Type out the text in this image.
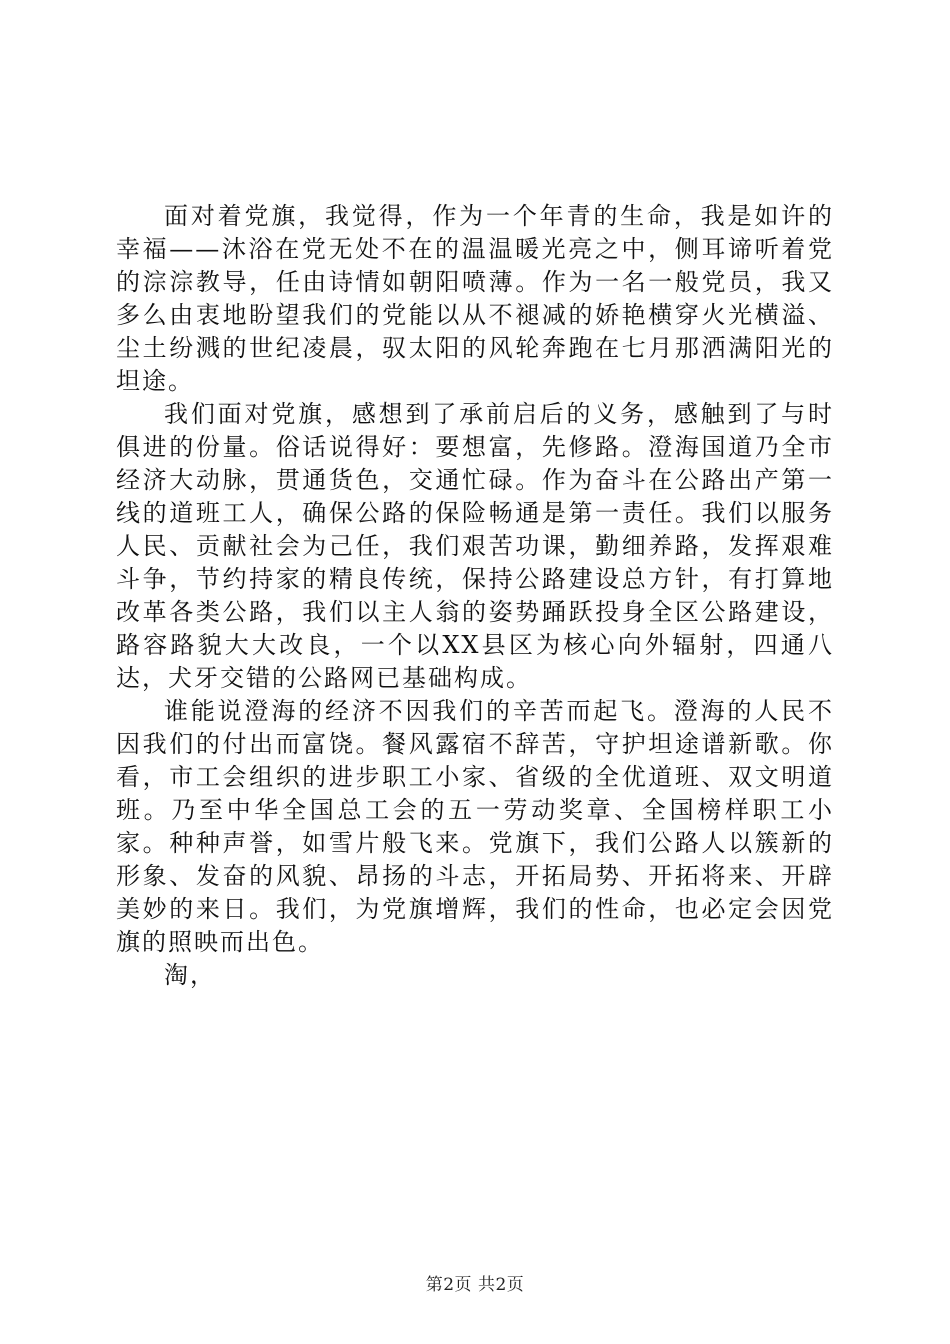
面对着党旗，我觉得，作为一个年青的生命，我是如许的幸福——沐浴在党无处不在的温温暖光亮之中，侧耳谛听着党的淙淙教导，任由诗情如朝阳喷薄。作为一名一般党员，我又多么由衷地盼望我们的党能以从不褪减的娇艳横穿火光横溢、尘土纷溅的世纪凌晨，驭太阳的风轮奔跑在七月那洒满阳光的坦途。

我们面对党旗，感想到了承前启后的义务，感触到了与时俱进的份量。俗话说得好：要想富，先修路。澄海国道乃全市经济大动脉，贯通货色，交通忙碌。作为奋斗在公路出产第一线的道班工人，确保公路的保险畅通是第一责任。我们以服务人民、贡献社会为己任，我们艰苦功课，勤细养路，发挥艰难斗争，节约持家的精良传统，保持公路建设总方针，有打算地改革各类公路，我们以主人翁的姿势踊跃投身全区公路建设，路容路貌大大改良，一个以XX县区为核心向外辐射，四通八达，犬牙交错的公路网已基础构成。

谁能说澄海的经济不因我们的辛苦而起飞。澄海的人民不因我们的付出而富饶。餐风露宿不辞苦，守护坦途谱新歌。你看，市工会组织的进步职工小家、省级的全优道班、双文明道班。乃至中华全国总工会的五一劳动奖章、全国榜样职工小家。种种声誉，如雪片般飞来。党旗下，我们公路人以簇新的形象、发奋的风貌、昂扬的斗志，开拓局势、开拓将来、开辟美妙的来日。我们，为党旗增辉，我们的性命，也必定会因党旗的照映而出色。

淘，

第2页 共2页
